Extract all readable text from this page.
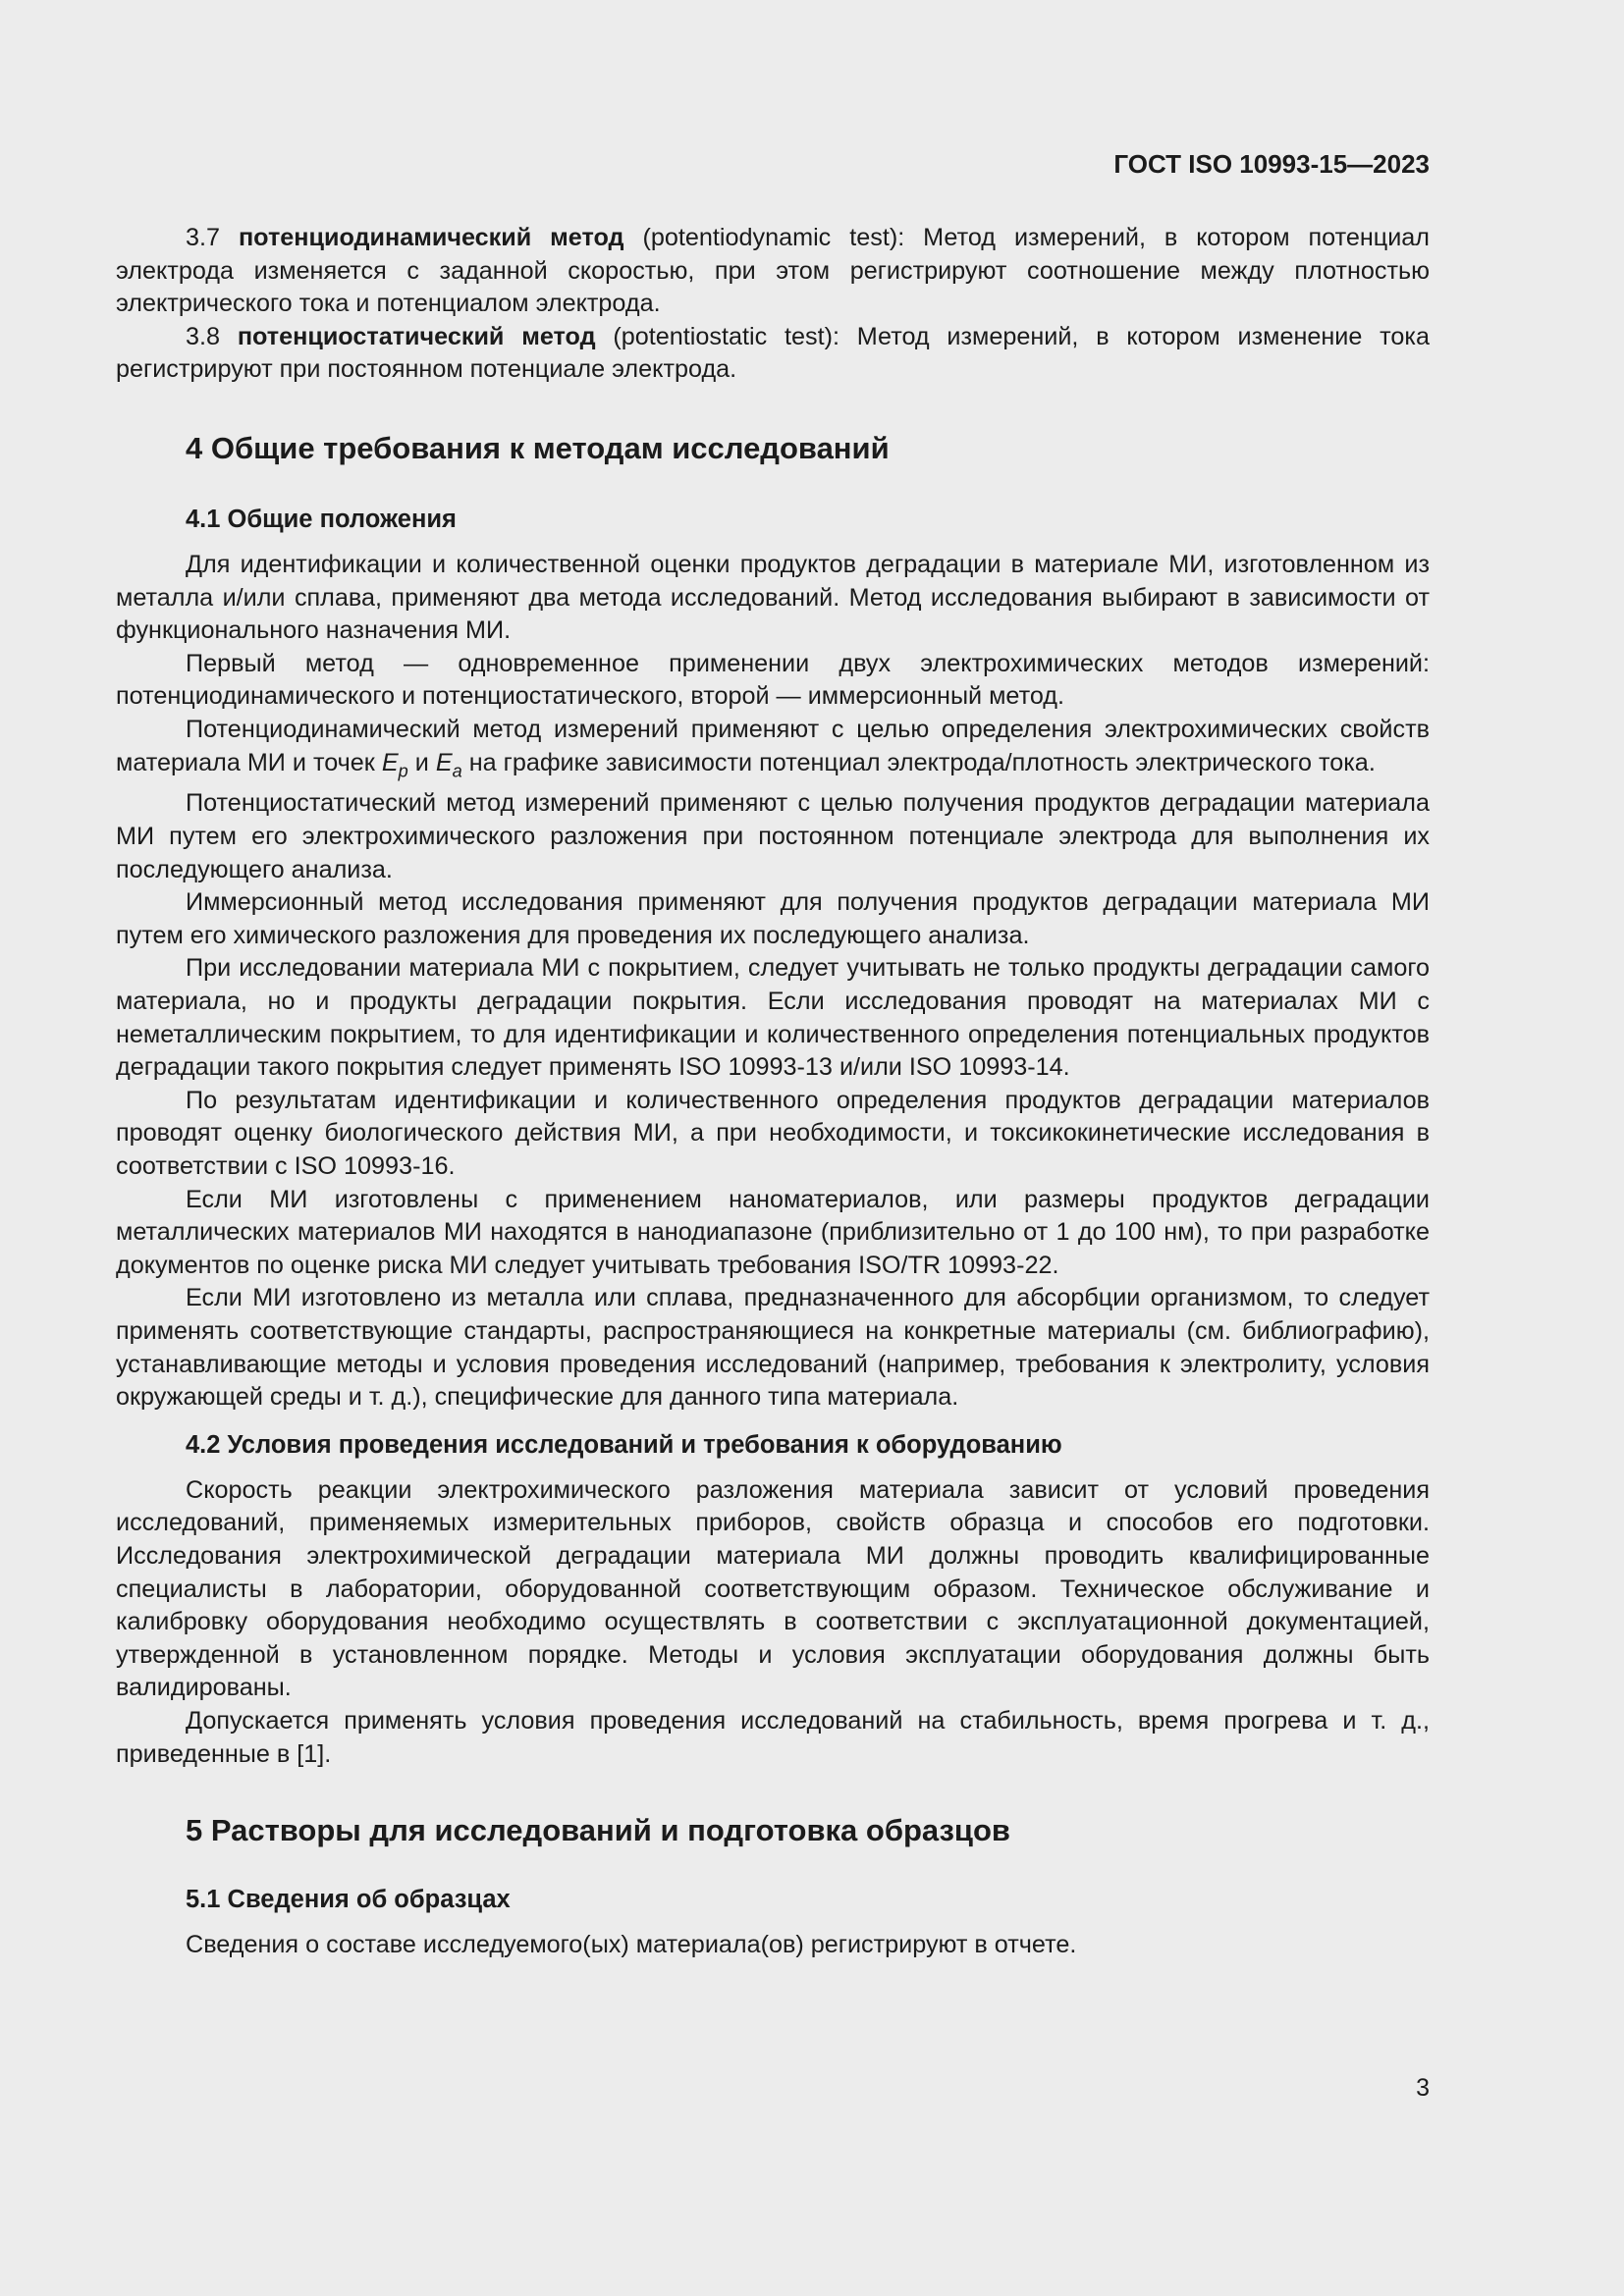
ГОСТ ISO 10993-15—2023

3.7 потенциодинамический метод (potentiodynamic test): Метод измерений, в котором потенциал электрода изменяется с заданной скоростью, при этом регистрируют соотношение между плотностью электрического тока и потенциалом электрода.

3.8 потенциостатический метод (potentiostatic test): Метод измерений, в котором изменение тока регистрируют при постоянном потенциале электрода.

4 Общие требования к методам исследований
4.1 Общие положения

Для идентификации и количественной оценки продуктов деградации в материале МИ, изготовленном из металла и/или сплава, применяют два метода исследований. Метод исследования выбирают в зависимости от функционального назначения МИ.

Первый метод — одновременное применении двух электрохимических методов измерений: потенциодинамического и потенциостатического, второй — иммерсионный метод.

Потенциодинамический метод измерений применяют с целью определения электрохимических свойств материала МИ и точек $E_p$ и $E_a$ на графике зависимости потенциал электрода/плотность электрического тока.

Потенциостатический метод измерений применяют с целью получения продуктов деградации материала МИ путем его электрохимического разложения при постоянном потенциале электрода для выполнения их последующего анализа.

Иммерсионный метод исследования применяют для получения продуктов деградации материала МИ путем его химического разложения для проведения их последующего анализа.

При исследовании материала МИ с покрытием, следует учитывать не только продукты деградации самого материала, но и продукты деградации покрытия. Если исследования проводят на материалах МИ с неметаллическим покрытием, то для идентификации и количественного определения потенциальных продуктов деградации такого покрытия следует применять ISO 10993-13 и/или ISO 10993-14.

По результатам идентификации и количественного определения продуктов деградации материалов проводят оценку биологического действия МИ, а при необходимости, и токсикокинетические исследования в соответствии с ISO 10993-16.

Если МИ изготовлены с применением наноматериалов, или размеры продуктов деградации металлических материалов МИ находятся в нанодиапазоне (приблизительно от 1 до 100 нм), то при разработке документов по оценке риска МИ следует учитывать требования ISO/TR 10993-22.

Если МИ изготовлено из металла или сплава, предназначенного для абсорбции организмом, то следует применять соответствующие стандарты, распространяющиеся на конкретные материалы (см. библиографию), устанавливающие методы и условия проведения исследований (например, требования к электролиту, условия окружающей среды и т. д.), специфические для данного типа материала.

4.2 Условия проведения исследований и требования к оборудованию

Скорость реакции электрохимического разложения материала зависит от условий проведения исследований, применяемых измерительных приборов, свойств образца и способов его подготовки. Исследования электрохимической деградации материала МИ должны проводить квалифицированные специалисты в лаборатории, оборудованной соответствующим образом. Техническое обслуживание и калибровку оборудования необходимо осуществлять в соответствии с эксплуатационной документацией, утвержденной в установленном порядке. Методы и условия эксплуатации оборудования должны быть валидированы.

Допускается применять условия проведения исследований на стабильность, время прогрева и т. д., приведенные в [1].

5 Растворы для исследований и подготовка образцов
5.1 Сведения об образцах

Сведения о составе исследуемого(ых) материала(ов) регистрируют в отчете.

3
